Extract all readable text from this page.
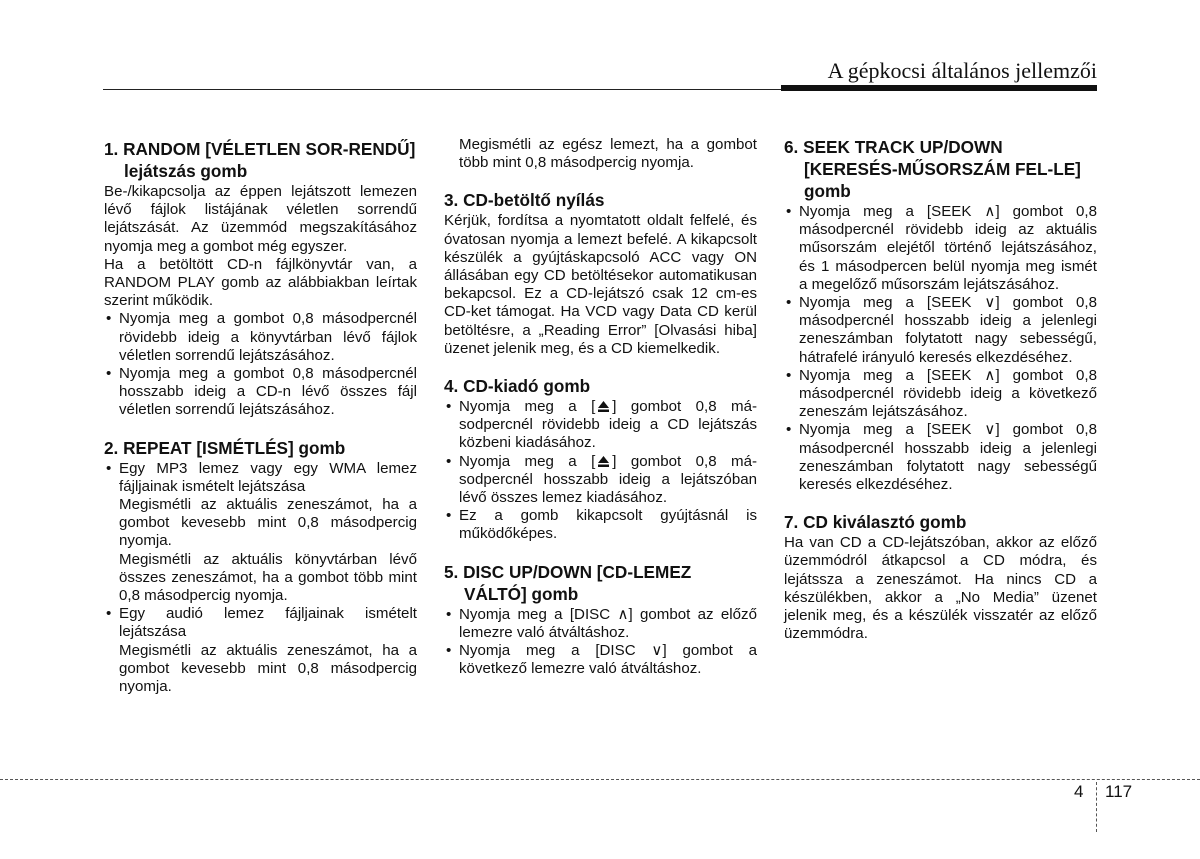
A gépkocsi általános jellemzői
1. RANDOM [VÉLETLEN SOR-RENDŰ] lejátszás gomb

Be-/kikapcsolja az éppen lejátszott lemezen lévő fájlok listájának véletlen sorrendű lejátszását. Az üzemmód megszakításához nyomja meg a gombot még egyszer.

Ha a betöltött CD-n fájlkönyvtár van, a RANDOM PLAY gomb az alábbiakban leírtak szerint működik.

• Nyomja meg a gombot 0,8 másodpercnél rövidebb ideig a könyvtárban lévő fájlok véletlen sorrendű lejátszásához.
• Nyomja meg a gombot 0,8 másodpercnél hosszabb ideig a CD-n lévő összes fájl véletlen sorrendű lejátszásához.
2. REPEAT [ISMÉTLÉS] gomb
• Egy MP3 lemez vagy egy WMA lemez fájljainak ismételt lejátszása
Megismétli az aktuális zeneszámot, ha a gombot kevesebb mint 0,8 másodpercig nyomja.
Megismétli az aktuális könyvtárban lévő összes zeneszámot, ha a gombot több mint 0,8 másodpercig nyomja.
• Egy audió lemez fájljainak ismételt lejátszása
Megismétli az aktuális zeneszámot, ha a gombot kevesebb mint 0,8 másodpercig nyomja.

Megismétli az egész lemezt, ha a gombot több mint 0,8 másodpercig nyomja.

3. CD-betöltő nyílás

Kérjük, fordítsa a nyomtatott oldalt felfelé, és óvatosan nyomja a lemezt befelé. A kikapcsolt készülék a gyújtáskapcsoló ACC vagy ON állásában egy CD betöltésekor automatikusan bekapcsol. Ez a CD-lejátszó csak 12 cm-es CD-ket támogat. Ha VCD vagy Data CD kerül betöltésre, a „Reading Error” [Olvasási hiba] üzenet jelenik meg, és a CD kiemelkedik.

4. CD-kiadó gomb
• Nyomja meg a [ ] gombot 0,8 másodpercnél rövidebb ideig a CD lejátszás közbeni kiadásához.
• Nyomja meg a [ ] gombot 0,8 másodpercnél hosszabb ideig a lejátszóban lévő összes lemez kiadásához.
• Ez a gomb kikapcsolt gyújtásnál is működőképes.
5. DISC UP/DOWN [CD-LEMEZ VÁLTÓ] gomb
• Nyomja meg a [DISC ∧] gombot az előző lemezre való átváltáshoz.
• Nyomja meg a [DISC ∨] gombot a következő lemezre való átváltáshoz.
6. SEEK TRACK UP/DOWN [KERESÉS-MŰSORSZÁM FEL-LE] gomb
• Nyomja meg a [SEEK ∧] gombot 0,8 másodpercnél rövidebb ideig az aktuális műsorszám elejétől történő lejátszásához, és 1 másodpercen belül nyomja meg ismét a megelőző műsorszám lejátszásához.
• Nyomja meg a [SEEK ∨] gombot 0,8 másodpercnél hosszabb ideig a jelenlegi zeneszámban folytatott nagy sebességű, hátrafelé irányuló keresés elkezdéséhez.
• Nyomja meg a [SEEK ∧] gombot 0,8 másodpercnél rövidebb ideig a következő zeneszám lejátszásához.
• Nyomja meg a [SEEK ∨] gombot 0,8 másodpercnél hosszabb ideig a jelenlegi zeneszámban folytatott nagy sebességű keresés elkezdéséhez.
7. CD kiválasztó gomb

Ha van CD a CD-lejátszóban, akkor az előző üzemmódról átkapcsol a CD módra, és lejátssza a zeneszámot. Ha nincs CD a készülékben, akkor a „No Media” üzenet jelenik meg, és a készülék visszatér az előző üzemmódra.

4 117
